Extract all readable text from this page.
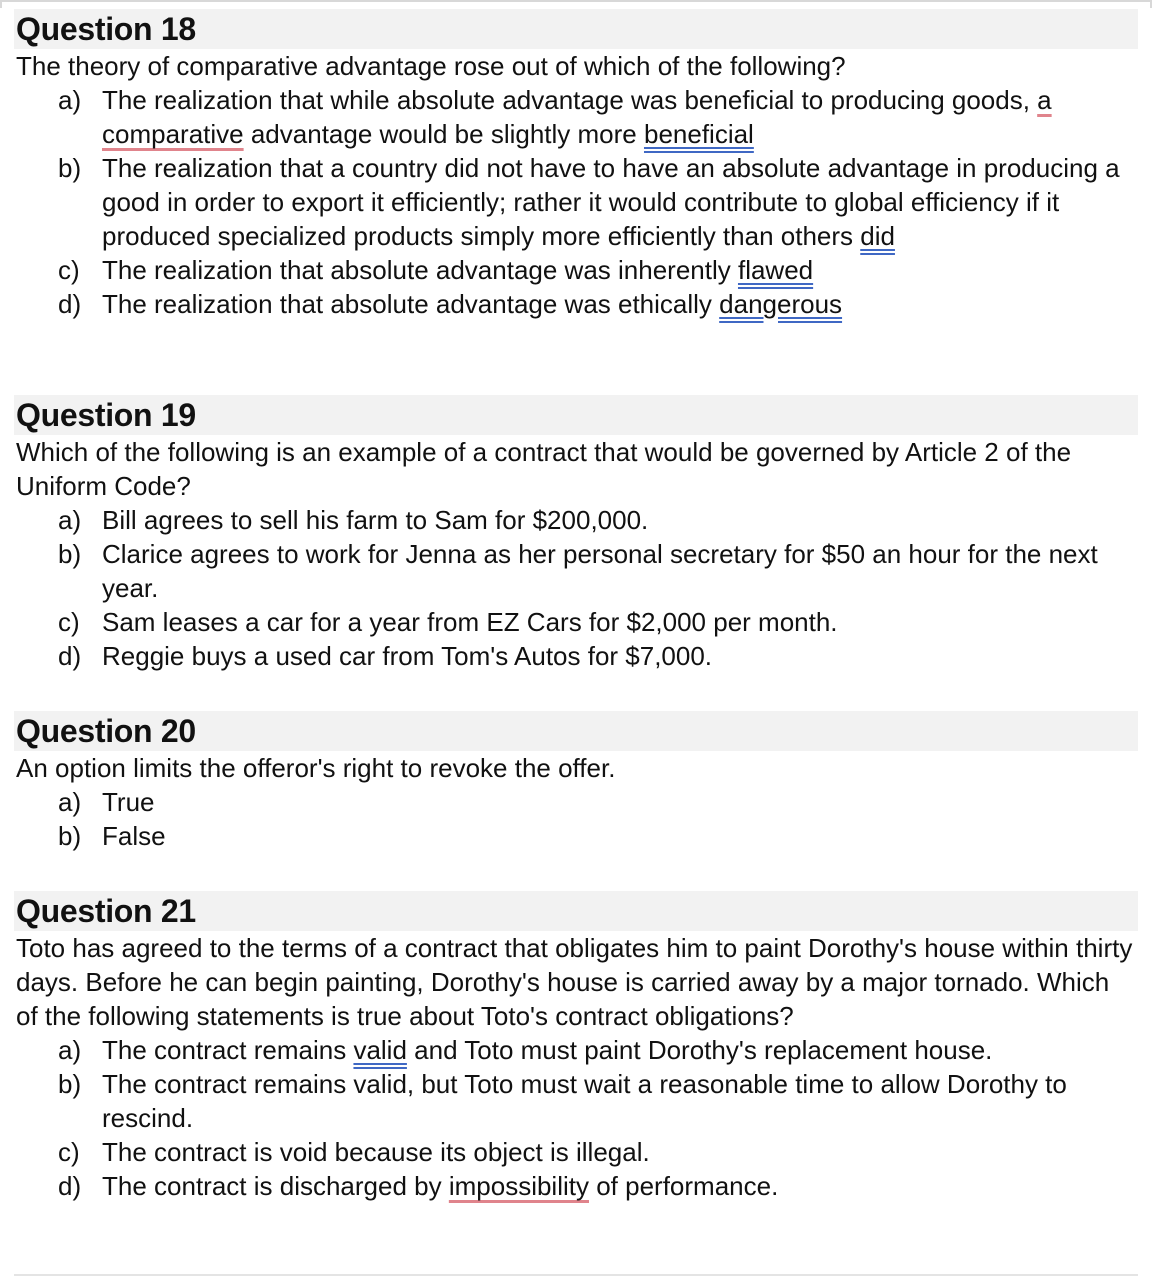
Question 18
The theory of comparative advantage rose out of which of the following?
a) The realization that while absolute advantage was beneficial to producing goods, a comparative advantage would be slightly more beneficial
b) The realization that a country did not have to have an absolute advantage in producing a good in order to export it efficiently; rather it would contribute to global efficiency if it produced specialized products simply more efficiently than others did
c) The realization that absolute advantage was inherently flawed
d) The realization that absolute advantage was ethically dangerous
Question 19
Which of the following is an example of a contract that would be governed by Article 2 of the Uniform Code?
a) Bill agrees to sell his farm to Sam for $200,000.
b) Clarice agrees to work for Jenna as her personal secretary for $50 an hour for the next year.
c) Sam leases a car for a year from EZ Cars for $2,000 per month.
d) Reggie buys a used car from Tom's Autos for $7,000.
Question 20
An option limits the offeror's right to revoke the offer.
a) True
b) False
Question 21
Toto has agreed to the terms of a contract that obligates him to paint Dorothy's house within thirty days. Before he can begin painting, Dorothy's house is carried away by a major tornado. Which of the following statements is true about Toto's contract obligations?
a) The contract remains valid and Toto must paint Dorothy's replacement house.
b) The contract remains valid, but Toto must wait a reasonable time to allow Dorothy to rescind.
c) The contract is void because its object is illegal.
d) The contract is discharged by impossibility of performance.
